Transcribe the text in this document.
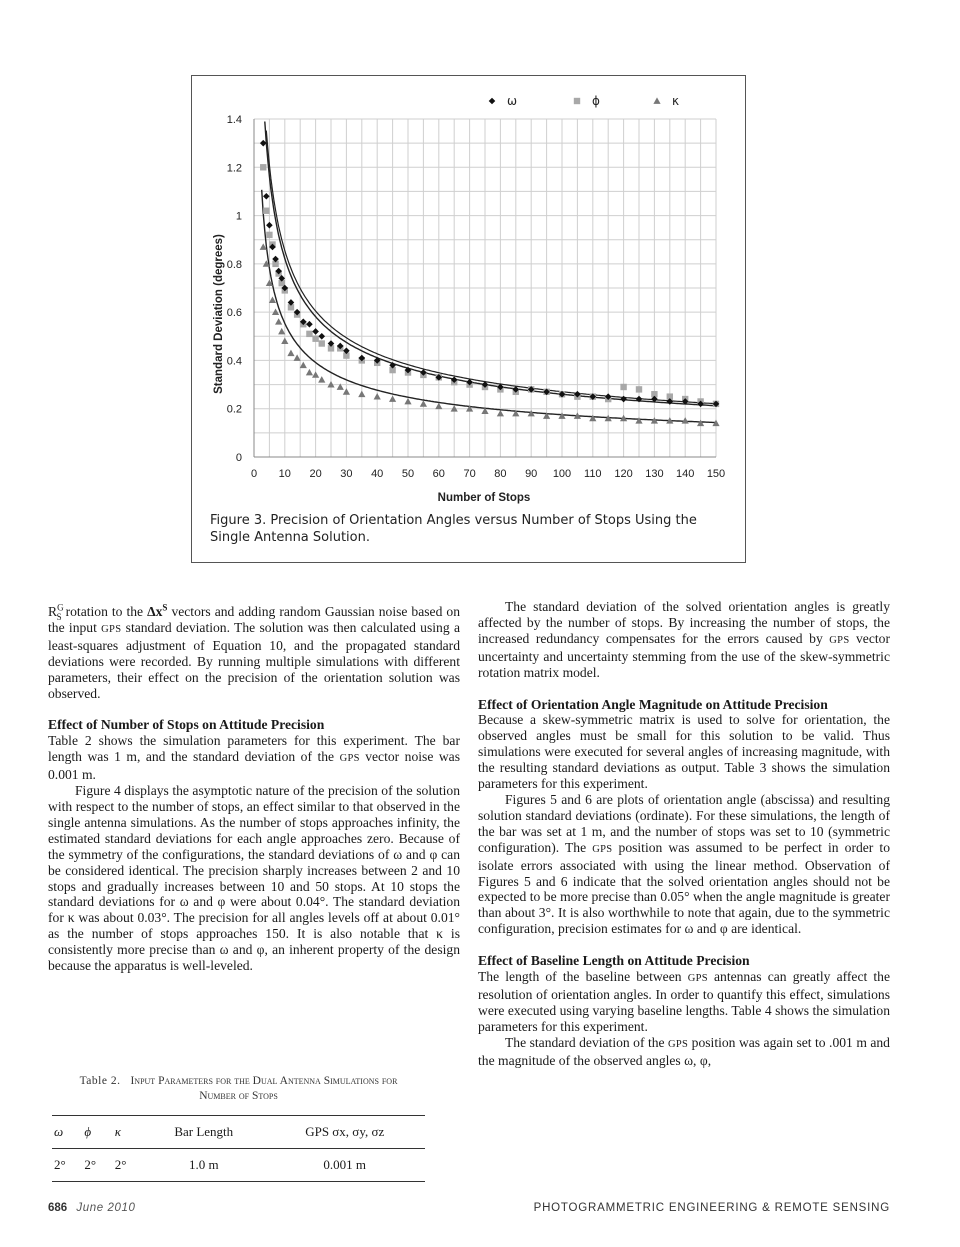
0 10 20 30 40 50 60 70 80 90 100 110 120 130 140 150
0
0.2
0.4
0.6
0.8
1
1.2
1.4
ω	ϕ	κ
Number of Stops
Standard Deviation (degrees)
Figure 3. Precision of Orientation Angles versus Number of Stops Using the Single Antenna Solution.

$R^G_S$ rotation to the $\Delta x^S$ vectors and adding random Gaussian noise based on the input GPS standard deviation. The solution was then calculated using a least-squares adjustment of Equation 10, and the propagated standard deviations were recorded. By running multiple simulations with different parameters, their effect on the precision of the orientation solution was observed.

Effect of Number of Stops on Attitude Precision

Table 2 shows the simulation parameters for this experiment. The bar length was 1 m, and the standard deviation of the GPS vector noise was 0.001 m.

Figure 4 displays the asymptotic nature of the precision of the solution with respect to the number of stops, an effect similar to that observed in the single antenna simulations. As the number of stops approaches infinity, the estimated standard deviations for each angle approaches zero. Because of the symmetry of the configurations, the standard deviations of ω and φ can be considered identical. The precision sharply increases between 2 and 10 stops and gradually increases between 10 and 50 stops. At 10 stops the standard deviations for ω and φ were about 0.04°. The standard deviation for κ was about 0.03°. The precision for all angles levels off at about 0.01° as the number of stops approaches 150. It is also notable that κ is consistently more precise than ω and φ, an inherent property of the design because the apparatus is well-leveled.

Table 2. Input Parameters for the Dual Antenna Simulations for Number of Stops
ω	ϕ	κ	Bar Length	GPS σx, σy, σz
2°	2°	2°	1.0 m	0.001 m

The standard deviation of the solved orientation angles is greatly affected by the number of stops. By increasing the number of stops, the increased redundancy compensates for the errors caused by GPS vector uncertainty and uncertainty stemming from the use of the skew-symmetric rotation matrix model.

Effect of Orientation Angle Magnitude on Attitude Precision

Because a skew-symmetric matrix is used to solve for orientation, the observed angles must be small for this solution to be valid. Thus simulations were executed for several angles of increasing magnitude, with the resulting standard deviations as output. Table 3 shows the simulation parameters for this experiment.

Figures 5 and 6 are plots of orientation angle (abscissa) and resulting solution standard deviations (ordinate). For these simulations, the length of the bar was set at 1 m, and the number of stops was set to 10 (symmetric configuration). The GPS position was assumed to be perfect in order to isolate errors associated with using the linear method. Observation of Figures 5 and 6 indicate that the solved orientation angles should not be expected to be more precise than 0.05° when the angle magnitude is greater than about 3°. It is also worthwhile to note that again, due to the symmetric configuration, precision estimates for ω and φ are identical.

Effect of Baseline Length on Attitude Precision

The length of the baseline between GPS antennas can greatly affect the resolution of orientation angles. In order to quantify this effect, simulations were executed using varying baseline lengths. Table 4 shows the simulation parameters for this experiment.

The standard deviation of the GPS position was again set to .001 m and the magnitude of the observed angles ω, φ,

686 June 2010	PHOTOGRAMMETRIC ENGINEERING & REMOTE SENSING
